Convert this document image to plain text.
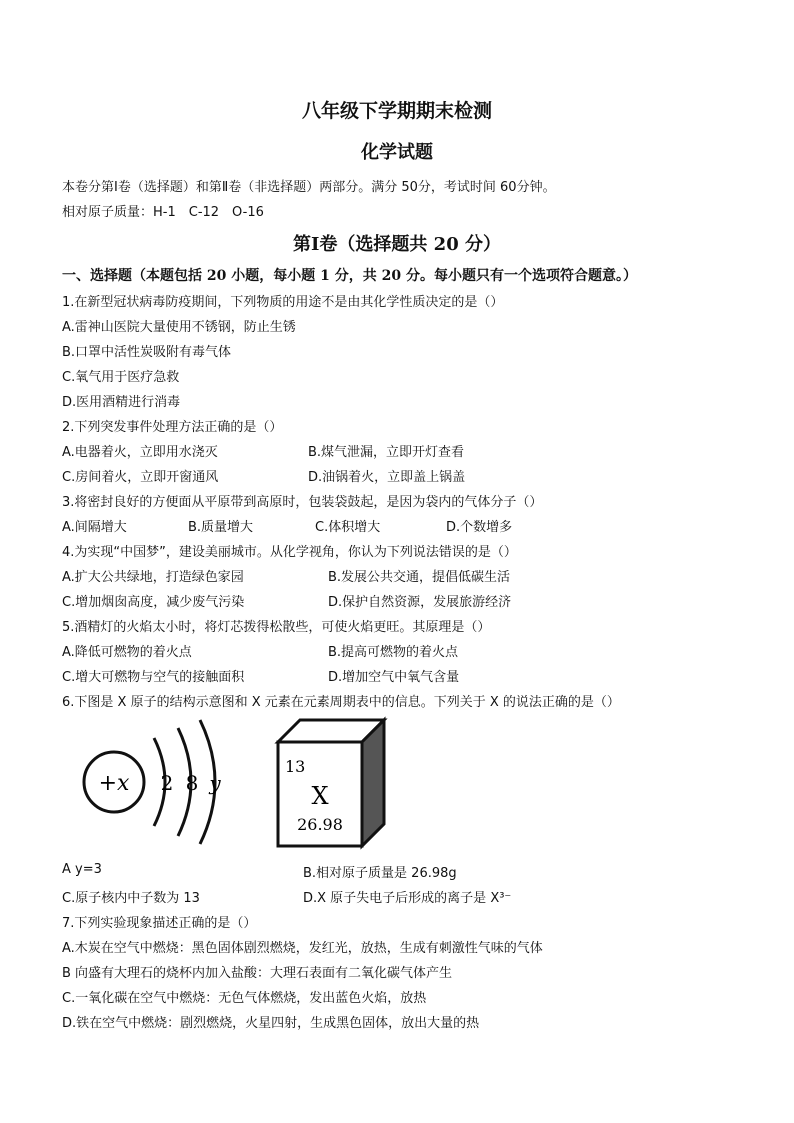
八年级下学期期末检测
化学试题
本卷分第Ⅰ卷（选择题）和第Ⅱ卷（非选择题）两部分。满分 50分，考试时间 60分钟。
相对原子质量：H-1　C-12　O-16
第Ⅰ卷（选择题共 20 分）
一、选择题（本题包括 20 小题，每小题 1 分，共 20 分。每小题只有一个选项符合题意。）
1.在新型冠状病毒防疫期间，下列物质的用途不是由其化学性质决定的是（）
A.雷神山医院大量使用不锈钢，防止生锈
B.口罩中活性炭吸附有毒气体
C.氧气用于医疗急救
D.医用酒精进行消毒
2.下列突发事件处理方法正确的是（）
A.电器着火，立即用水浇灭	B.煤气泄漏，立即开灯查看
C.房间着火，立即开窗通风	D.油锅着火，立即盖上锅盖
3.将密封良好的方便面从平原带到高原时，包装袋鼓起，是因为袋内的气体分子（）
A.间隔增大	B.质量增大	C.体积增大	D.个数增多
4.为实现“中国梦”，建设美丽城市。从化学视角，你认为下列说法错误的是（）
A.扩大公共绿地，打造绿色家园	B.发展公共交通，提倡低碳生活
C.增加烟囱高度，减少废气污染	D.保护自然资源，发展旅游经济
5.酒精灯的火焰太小时，将灯芯拨得松散些，可使火焰更旺。其原理是（）
A.降低可燃物的着火点	B.提高可燃物的着火点
C.增大可燃物与空气的接触面积	D.增加空气中氧气含量
6.下图是 X 原子的结构示意图和 X 元素在元素周期表中的信息。下列关于 X 的说法正确的是（）
+x 2 8 y
13
X
26.98
A y=3	B.相对原子质量是 26.98g
C.原子核内中子数为 13	D.X 原子失电子后形成的离子是 X³⁻
7.下列实验现象描述正确的是（）
A.木炭在空气中燃烧：黑色固体剧烈燃烧，发红光，放热，生成有刺激性气味的气体
B 向盛有大理石的烧杯内加入盐酸：大理石表面有二氧化碳气体产生
C.一氧化碳在空气中燃烧：无色气体燃烧，发出蓝色火焰，放热
D.铁在空气中燃烧：剧烈燃烧，火星四射，生成黑色固体，放出大量的热
